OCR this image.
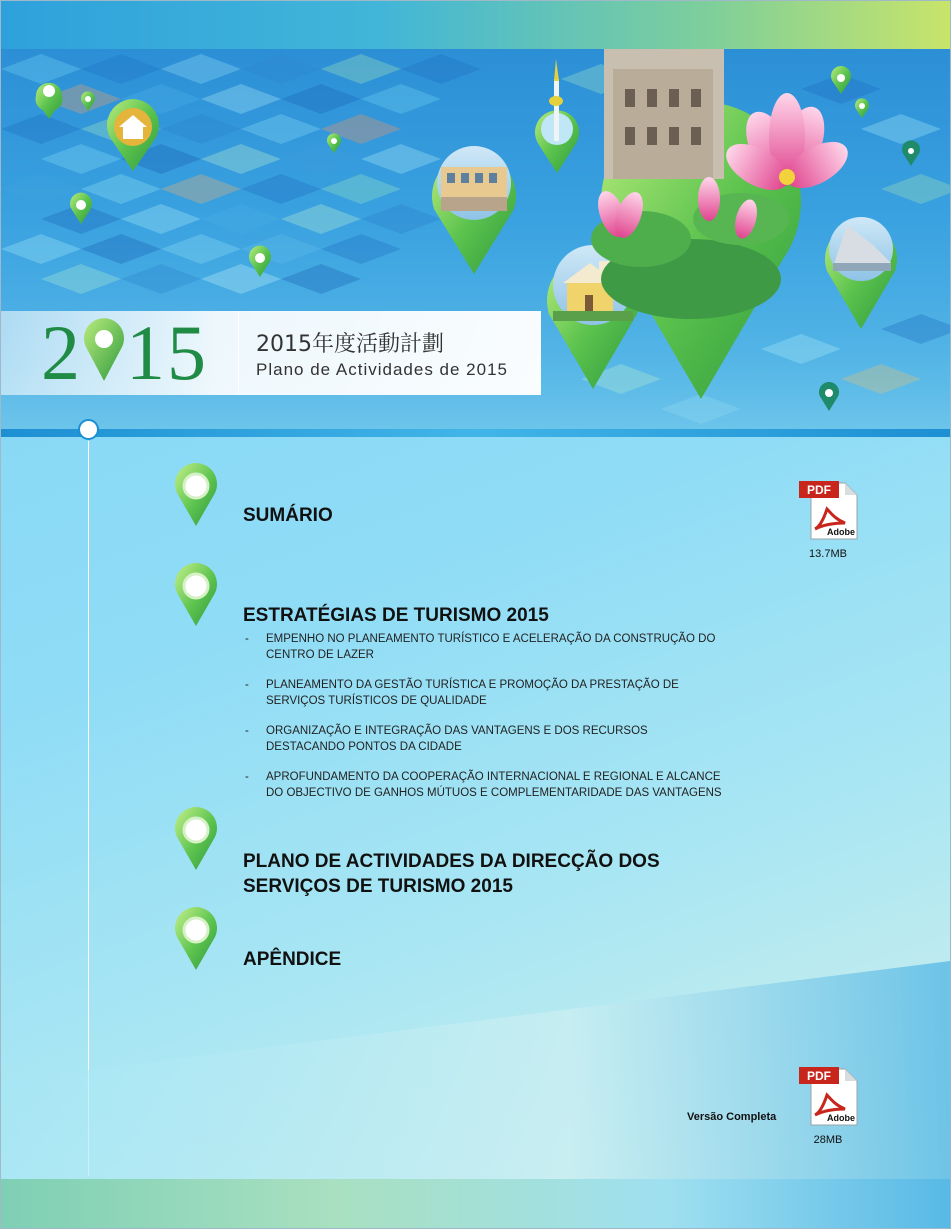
2 15 2015年度活動計劃
Plano de Actividades de 2015
SUMÁRIO
ESTRATÉGIAS DE TURISMO 2015
PLANO DE ACTIVIDADES DA DIRECÇÃO DOS
SERVIÇOS DE TURISMO 2015
APÊNDICE
- EMPENHO NO PLANEAMENTO TURÍSTICO E ACELERAÇÃO DA CONSTRUÇÃO DO
CENTRO DE LAZER
- PLANEAMENTO DA GESTÃO TURÍSTICA E PROMOÇÃO DA PRESTAÇÃO DE
SERVIÇOS TURÍSTICOS DE QUALIDADE
- ORGANIZAÇÃO E INTEGRAÇÃO DAS VANTAGENS E DOS RECURSOS
DESTACANDO PONTOS DA CIDADE
- APROFUNDAMENTO DA COOPERAÇÃO INTERNACIONAL E REGIONAL E ALCANCE
DO OBJECTIVO DE GANHOS MÚTUOS E COMPLEMENTARIDADE DAS VANTAGENS
PDF
Adobe
13.7MB
Versão Completa
PDF
Adobe
28MB
